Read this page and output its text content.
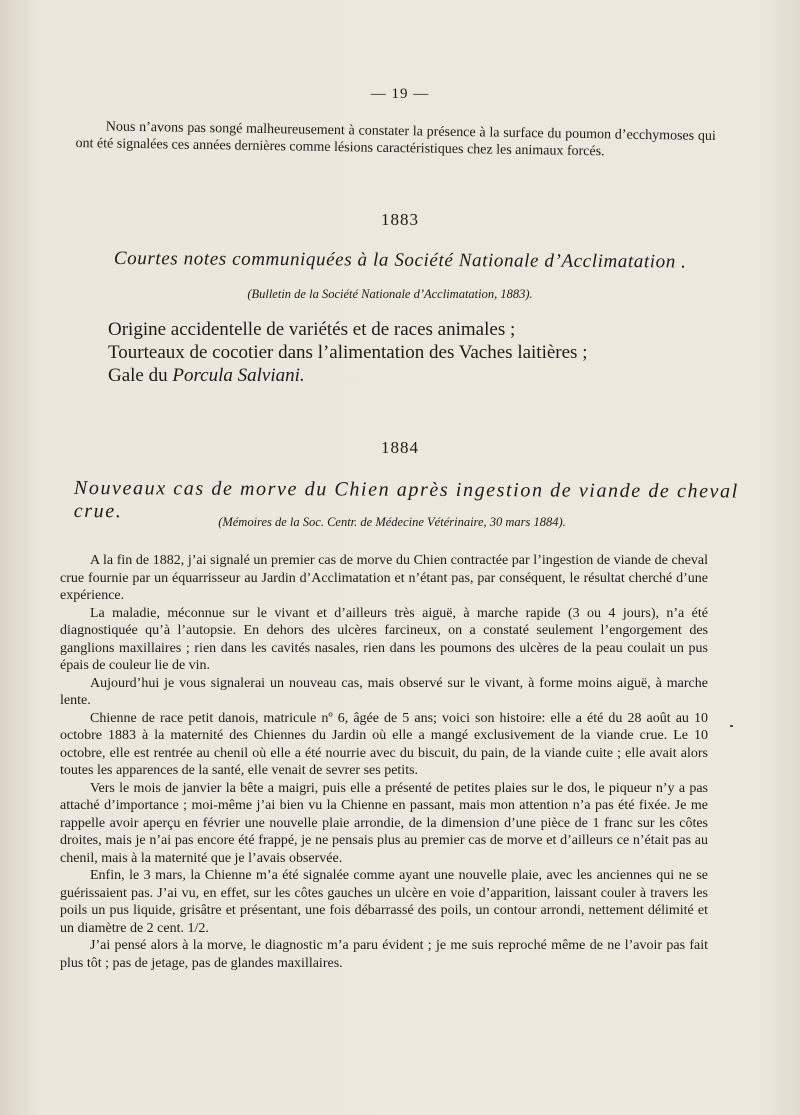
— 19 —
Nous n’avons pas songé malheureusement à constater la présence à la surface du poumon d’ecchymoses qui ont été signalées ces années dernières comme lésions caractéristiques chez les animaux forcés.
1883
Courtes notes communiquées à la Société Nationale d’Acclimatation .
(Bulletin de la Société Nationale d’Acclimatation, 1883).
Origine accidentelle de variétés et de races animales ;
Tourteaux de cocotier dans l’alimentation des Vaches laitières ;
Gale du Porcula Salviani.
1884
Nouveaux cas de morve du Chien après ingestion de viande de cheval crue.	(Mémoires de la Soc. Centr. de Médecine Vétérinaire, 30 mars 1884).

A la fin de 1882, j’ai signalé un premier cas de morve du Chien contractée par l’ingestion de viande de cheval crue fournie par un équarrisseur au Jardin d’Acclimatation et n’étant pas, par conséquent, le résultat cherché d’une expérience.

La maladie, méconnue sur le vivant et d’ailleurs très aiguë, à marche rapide (3 ou 4 jours), n’a été diagnostiquée qu’à l’autopsie. En dehors des ulcères farcineux, on a constaté seulement l’engorgement des ganglions maxillaires ; rien dans les cavités nasales, rien dans les poumons des ulcères de la peau coulait un pus épais de couleur lie de vin.

Aujourd’hui je vous signalerai un nouveau cas, mais observé sur le vivant, à forme moins aiguë, à marche lente.

Chienne de race petit danois, matricule nº 6, âgée de 5 ans; voici son histoire: elle a été du 28 août au 10 octobre 1883 à la maternité des Chiennes du Jardin où elle a mangé exclusivement de la viande crue. Le 10 octobre, elle est rentrée au chenil où elle a été nourrie avec du biscuit, du pain, de la viande cuite ; elle avait alors toutes les apparences de la santé, elle venait de sevrer ses petits.

Vers le mois de janvier la bête a maigri, puis elle a présenté de petites plaies sur le dos, le piqueur n’y a pas attaché d’importance ; moi-même j’ai bien vu la Chienne en passant, mais mon attention n’a pas été fixée. Je me rappelle avoir aperçu en février une nouvelle plaie arrondie, de la dimension d’une pièce de 1 franc sur les côtes droites, mais je n’ai pas encore été frappé, je ne pensais plus au premier cas de morve et d’ailleurs ce n’était pas au chenil, mais à la maternité que je l’avais observée.

Enfin, le 3 mars, la Chienne m’a été signalée comme ayant une nouvelle plaie, avec les anciennes qui ne se guérissaient pas. J’ai vu, en effet, sur les côtes gauches un ulcère en voie d’apparition, laissant couler à travers les poils un pus liquide, grisâtre et présentant, une fois débarrassé des poils, un contour arrondi, nettement délimité et un diamètre de 2 cent. 1/2.

J’ai pensé alors à la morve, le diagnostic m’a paru évident ; je me suis reproché même de ne l’avoir pas fait plus tôt ; pas de jetage, pas de glandes maxillaires.
